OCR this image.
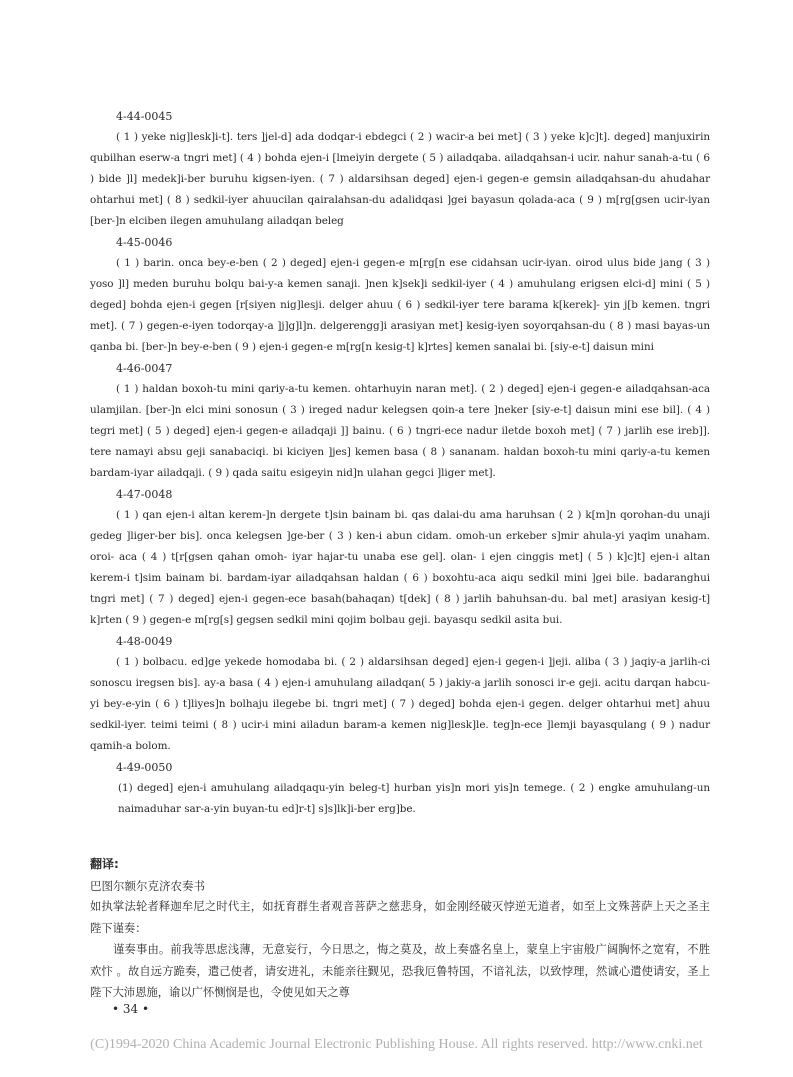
4-44-0045

( 1 ) yeke nig]lesk]i-t]. ters ]jel-d] ada dodqar-i ebdegci ( 2 ) wacir-a bei met] ( 3 ) yeke k]c]t]. deged] manjuxirin qubilhan eserw-a tngri met] ( 4 ) bohda ejen-i [lmeiyin dergete ( 5 ) ailadqaba. ailadqahsan-i ucir. nahur sanah-a-tu ( 6 ) bide ]l] medek]i-ber buruhu kigsen-iyen. ( 7 ) aldarsihsan deged] ejen-i gegen-e gemsin ailadqahsan-du ahudahar ohtarhui met] ( 8 ) sedkil-iyer ahuucilan qairalahsan-du adalidqasi ]gei bayasun qolada-aca ( 9 ) m[rg[gsen ucir-iyan [ber-]n elciben ilegen amuhulang ailadqan beleg

4-45-0046

( 1 ) barin. onca bey-e-ben ( 2 ) deged] ejen-i gegen-e m[rg[n ese cidahsan ucir-iyan. oirod ulus bide jang ( 3 ) yoso ]l] meden buruhu bolqu bai-y-a kemen sanaji. ]nen k]sek]i sedkil-iyer ( 4 ) amuhulang erigsen elci-d] mini ( 5 ) deged] bohda ejen-i gegen [r[siyen nig]lesji. delger ahuu ( 6 ) sedkil-iyer tere barama k[kerek]- yin j[b kemen. tngri met]. ( 7 ) gegen-e-iyen todorqay-a ]j]g]l]n. delgerengg]i arasiyan met] kesig-iyen soyorqahsan-du ( 8 ) masi bayas-un qanba bi. [ber-]n bey-e-ben ( 9 ) ejen-i gegen-e m[rg[n kesig-t] k]rtes] kemen sanalai bi. [siy-e-t] daisun mini

4-46-0047

( 1 ) haldan boxoh-tu mini qariy-a-tu kemen. ohtarhuyin naran met]. ( 2 ) deged] ejen-i gegen-e ailadqahsan-aca ulamjilan. [ber-]n elci mini sonosun ( 3 ) ireged nadur kelegsen qoin-a tere ]neker [siy-e-t] daisun mini ese bil]. ( 4 ) tegri met] ( 5 ) deged] ejen-i gegen-e ailadqaji ]] bainu. ( 6 ) tngri-ece nadur iletde boxoh met] ( 7 ) jarlih ese ireb]]. tere namayi absu geji sanabaciqi. bi kiciyen ]jes] kemen basa ( 8 ) sananam. haldan boxoh-tu mini qariy-a-tu kemen bardam-iyar ailadqaji. ( 9 ) qada saitu esigeyin nid]n ulahan gegci ]liger met].

4-47-0048

( 1 ) qan ejen-i altan kerem-]n dergete t]sin bainam bi. qas dalai-du ama haruhsan ( 2 ) k[m]n qorohan-du unaji gedeg ]liger-ber bis]. onca kelegsen ]ge-ber ( 3 ) ken-i abun cidam. omoh-un erkeber s]mir ahula-yi yaqim unaham. oroi- aca ( 4 ) t[r[gsen qahan omoh- iyar hajar-tu unaba ese gel]. olan- i ejen cinggis met] ( 5 ) k]c]t] ejen-i altan kerem-i t]sim bainam bi. bardam-iyar ailadqahsan haldan ( 6 ) boxohtu-aca aiqu sedkil mini ]gei bile. badaranghui tngri met] ( 7 ) deged] ejen-i gegen-ece basah(bahaqan) t[dek] ( 8 ) jarlih bahuhsan-du. bal met] arasiyan kesig-t] k]rten ( 9 ) gegen-e m[rg[s] gegsen sedkil mini qojim bolbau geji. bayasqu sedkil asita bui.

4-48-0049

( 1 ) bolbacu. ed]ge yekede homodaba bi. ( 2 ) aldarsihsan deged] ejen-i gegen-i ]jeji. aliba ( 3 ) jaqiy-a jarlih-ci sonoscu iregsen bis]. ay-a basa ( 4 ) ejen-i amuhulang ailadqan( 5 ) jakiy-a jarlih sonosci ir-e geji. acitu darqan habcu-yi bey-e-yin ( 6 ) t]liyes]n bolhaju ilegebe bi. tngri met] ( 7 ) deged] bohda ejen-i gegen. delger ohtarhui met] ahuu sedkil-iyer. teimi teimi ( 8 ) ucir-i mini ailadun baram-a kemen nig]lesk]le. teg]n-ece ]lemji bayasqulang ( 9 ) nadur qamih-a bolom.

4-49-0050

(1) deged] ejen-i amuhulang ailadqaqu-yin beleg-t] hurban yis]n mori yis]n temege. ( 2 ) engke amuhulang-un naimaduhar sar-a-yin buyan-tu ed]r-t] s]s]lk]i-ber erg]be.

翻译:
巴图尔额尔克济农奏书

如执掌法轮者释迦牟尼之时代主，如抚育群生者观音菩萨之慈悲身，如金刚经破灭悖逆无道者，如至上文殊菩萨上天之圣主陛下谨奏：

谨奏事由。前我等思虑浅薄，无意妄行，今日思之，悔之莫及，故上奏盛名皇上，蒙皇上宇宙般广阔胸怀之宽宥，不胜欢忭 。故自远方跪奏，遣己使者，请安进礼，未能亲往觐见，恐我厄鲁特国，不谙礼法，以致悖理，然诚心遣使请安，圣上陛下大沛恩施，谕以广怀恻悯是也，令使见如天之尊

• 34 •
(C)1994-2020 China Academic Journal Electronic Publishing House. All rights reserved. http://www.cnki.net
